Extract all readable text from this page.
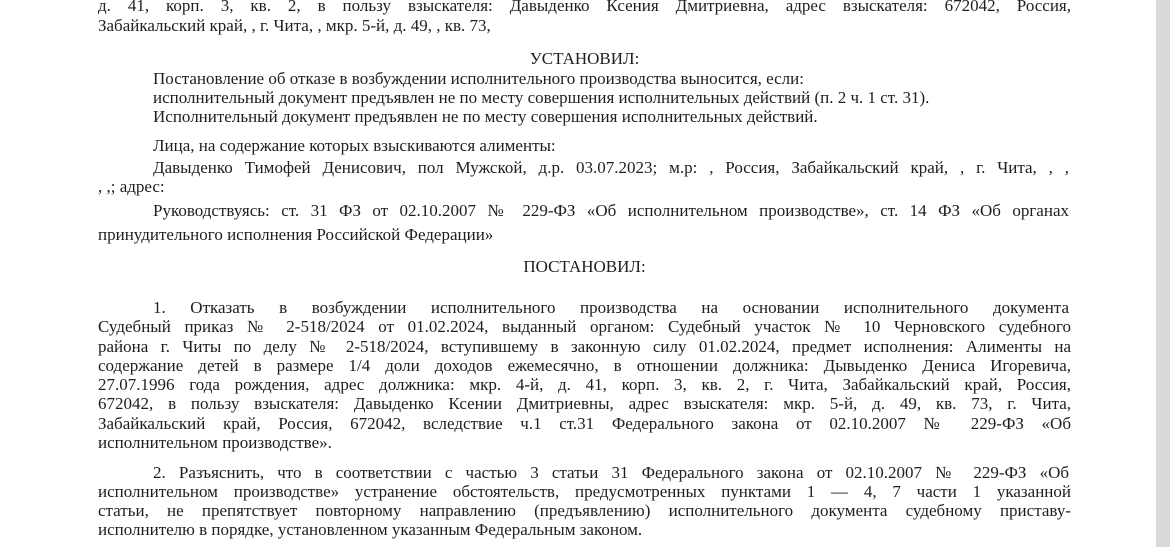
д. 41, корп. 3, кв. 2, в пользу взыскателя: Давыденко Ксения Дмитриевна, адрес взыскателя: 672042, Россия,
Забайкальский край, , г. Чита, , мкр. 5-й, д. 49, , кв. 73,
УСТАНОВИЛ:
Постановление об отказе в возбуждении исполнительного производства выносится, если:
исполнительный документ предъявлен не по месту совершения исполнительных действий (п. 2 ч. 1 ст. 31).
Исполнительный документ предъявлен не по месту совершения исполнительных действий.
Лица, на содержание которых взыскиваются алименты:
Давыденко Тимофей Денисович, пол Мужской, д.р. 03.07.2023; м.р: , Россия, Забайкальский край, , г. Чита, , ,
, ,; адрес:
Руководствуясь: ст. 31 ФЗ от 02.10.2007 № 229-ФЗ «Об исполнительном производстве», ст. 14 ФЗ «Об органах
принудительного исполнения Российской Федерации»
ПОСТАНОВИЛ:
1. Отказать в возбуждении исполнительного производства на основании исполнительного документа
Судебный приказ № 2-518/2024 от 01.02.2024, выданный органом: Судебный участок № 10 Черновского судебного
района г. Читы по делу № 2-518/2024, вступившему в законную силу 01.02.2024, предмет исполнения: Алименты на
содержание детей в размере 1/4 доли доходов ежемесячно, в отношении должника: Дывыденко Дениса Игоревича,
27.07.1996 года рождения, адрес должника: мкр. 4-й, д. 41, корп. 3, кв. 2, г. Чита, Забайкальский край, Россия,
672042, в пользу взыскателя: Давыденко Ксении Дмитриевны, адрес взыскателя: мкр. 5-й, д. 49, кв. 73, г. Чита,
Забайкальский край, Россия, 672042, вследствие ч.1 ст.31 Федерального закона от 02.10.2007 № 229-ФЗ «Об
исполнительном производстве».
2. Разъяснить, что в соответствии с частью 3 статьи 31 Федерального закона от 02.10.2007 № 229-ФЗ «Об
исполнительном производстве» устранение обстоятельств, предусмотренных пунктами 1 — 4, 7 части 1 указанной
статьи, не препятствует повторному направлению (предъявлению) исполнительного документа судебному приставу-
исполнителю в порядке, установленном указанным Федеральным законом.
